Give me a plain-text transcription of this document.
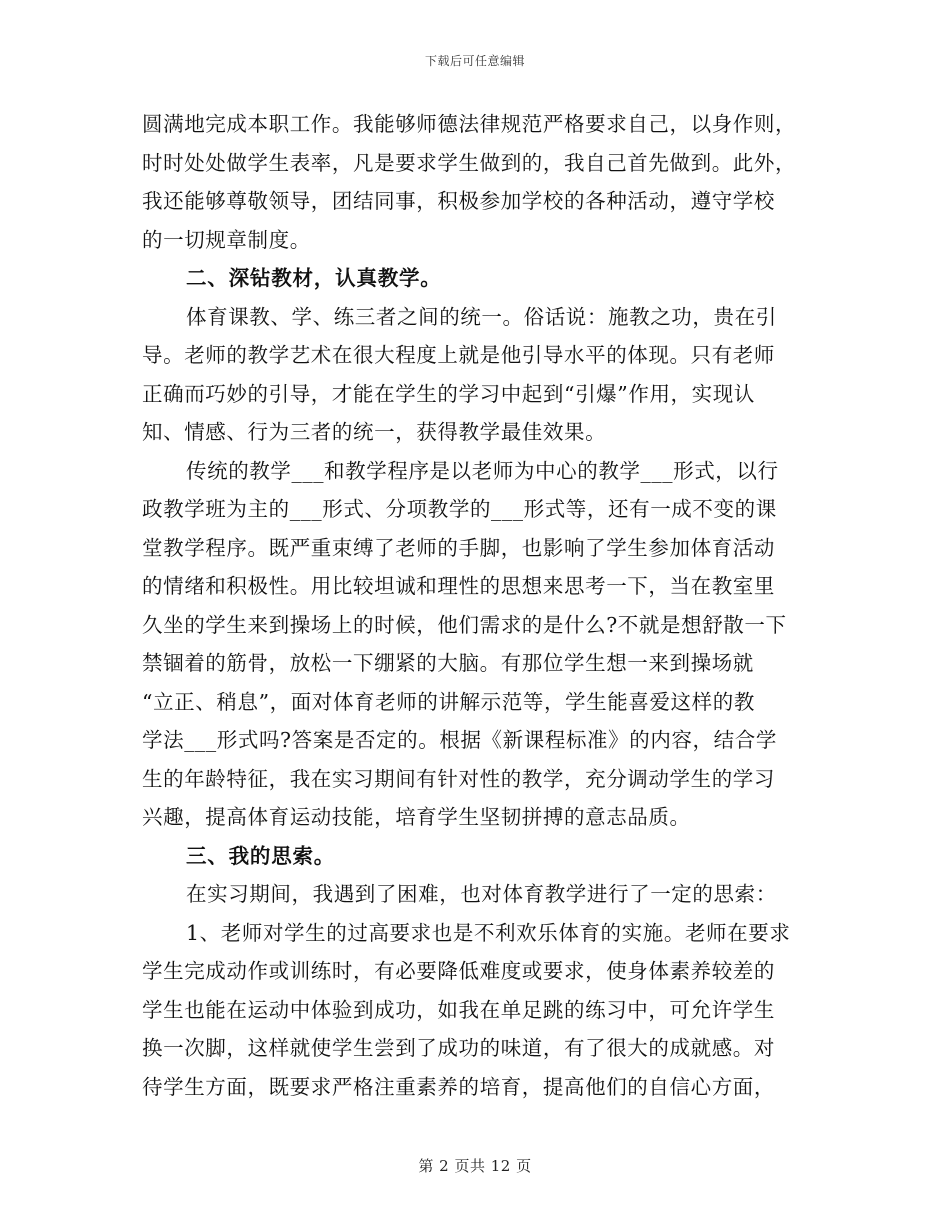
下载后可任意编辑
圆满地完成本职工作。我能够师德法律规范严格要求自己，以身作则，
时时处处做学生表率，凡是要求学生做到的，我自己首先做到。此外，
我还能够尊敬领导，团结同事，积极参加学校的各种活动，遵守学校
的一切规章制度。
二、深钻教材，认真教学。
体育课教、学、练三者之间的统一。俗话说：施教之功，贵在引
导。老师的教学艺术在很大程度上就是他引导水平的体现。只有老师
正确而巧妙的引导，才能在学生的学习中起到“引爆”作用，实现认
知、情感、行为三者的统一，获得教学最佳效果。
传统的教学___和教学程序是以老师为中心的教学___形式，以行
政教学班为主的___形式、分项教学的___形式等，还有一成不变的课
堂教学程序。既严重束缚了老师的手脚，也影响了学生参加体育活动
的情绪和积极性。用比较坦诚和理性的思想来思考一下，当在教室里
久坐的学生来到操场上的时候，他们需求的是什么?不就是想舒散一下
禁锢着的筋骨，放松一下绷紧的大脑。有那位学生想一来到操场就
“立正、稍息”，面对体育老师的讲解示范等，学生能喜爱这样的教
学法___形式吗?答案是否定的。根据《新课程标准》的内容，结合学
生的年龄特征，我在实习期间有针对性的教学，充分调动学生的学习
兴趣，提高体育运动技能，培育学生坚韧拼搏的意志品质。
三、我的思索。
在实习期间，我遇到了困难，也对体育教学进行了一定的思索：
1、老师对学生的过高要求也是不利欢乐体育的实施。老师在要求
学生完成动作或训练时，有必要降低难度或要求，使身体素养较差的
学生也能在运动中体验到成功，如我在单足跳的练习中，可允许学生
换一次脚，这样就使学生尝到了成功的味道，有了很大的成就感。对
待学生方面，既要求严格注重素养的培育，提高他们的自信心方面，
第 2 页共 12 页
